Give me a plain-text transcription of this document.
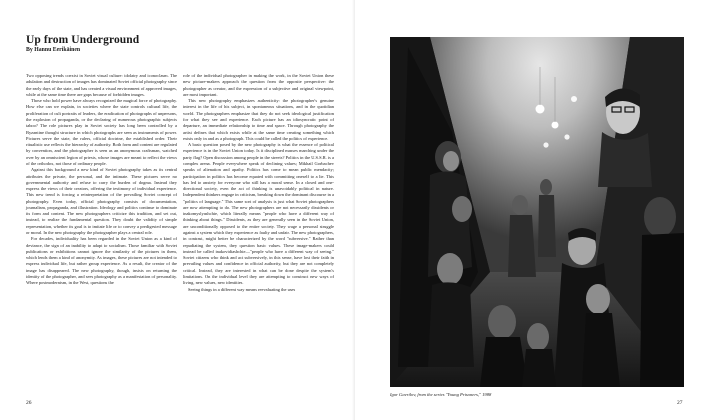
Up from Underground
By Hannu Eerikäinen

Two opposing trends coexist in Soviet visual culture: idolatry and iconoclasm. The adulation and destruction of images has dominated Soviet official photography since the early days of the state, and has created a visual environment of approved images, while at the same time there are gaps because of forbidden images.

Those who hold power have always recognized the magical force of photography. How else can we explain, in societies where the state controls cultural life, the proliferation of cult portraits of leaders, the eradication of photographs of unpersons, the explosion of propaganda, or the declaring of numerous photographic subjects taboo? The role pictures play in Soviet society has long been controlled by a Byzantine thought structure in which photographs are seen as instruments of power. Pictures serve the state, the rulers, official doctrine, the established order. Their ritualistic use reflects the hierarchy of authority. Both form and content are regulated by convention, and the photographer is seen as an anonymous craftsman, watched over by an omniscient legion of priests, whose images are meant to reflect the views of the orthodox, not those of ordinary people.

Against this background a new kind of Soviet photography takes as its central attributes the private, the personal, and the intimate. These pictures serve no governmental authority and refuse to carry the burden of dogma. Instead they express the views of their creators, offering the testimony of individual experience. This new trend is forcing a reinterpretation of the prevailing Soviet concept of photography. Even today, official photography consists of documentation, journalism, propaganda, and illustration. Ideology and politics continue to dominate its form and content. The new photographers criticize this tradition, and set out, instead, to realize the fundamental question. They doubt the validity of simple representation, whether its goal is to imitate life or to convey a predigested message or moral. In the new photography the photographer plays a central role.

For decades, individuality has been regarded in the Soviet Union as a kind of deviance, the sign of an inability to adapt to socialism. Those familiar with Soviet publications or exhibitions cannot ignore the similarity of the pictures in them, which lends them a kind of anonymity. As images, these pictures are not intended to express individual life, but rather group experience. As a result, the creator of the image has disappeared. The new photography, though, insists on returning the identity of the photographer, and sees photography as a manifestation of personality. Where postmodernism, in the West, questions the

role of the individual photographer in making the work, in the Soviet Union these new picture-makers approach the question from the opposite perspective: the photographer as creator, and the expression of a subjective and original viewpoint, are most important.

This new photography emphasizes authenticity: the photographer's genuine interest in the life of his subject, in spontaneous situations, and in the quotidian world. The photographers emphasize that they do not seek ideological justification for what they see and experience. Each picture has an idiosyncratic point of departure, an immediate relationship to time and space. Through photography the artist defines that which exists while at the same time creating something which exists only in and as a photograph. This could be called the politics of experience.

A basic question posed by the new photography is what the essence of political experience is in the Soviet Union today. Is it disciplined masses marching under the party flag? Open discussion among people in the streets? Politics in the U.S.S.R. is a complex arena. People everywhere speak of declining values; Mikhail Gorbachev speaks of alienation and apathy. Politics has come to mean public mendacity; participation in politics has become equated with committing oneself to a lie. This has led to anxiety for everyone who still has a moral sense. In a closed and one-directional society, even the act of thinking is unavoidably political in nature. Independent thinkers engage in criticism, breaking down the dominant discourse in a "politics of language." This same sort of analysis is just what Soviet photographers are now attempting to do. The new photographers are not necessarily dissidents or inakomyslyashchie, which literally means "people who have a different way of thinking about things." Dissidents, as they are generally seen in the Soviet Union, are unconditionally opposed to the entire society. They wage a personal struggle against a system which they experience as faulty and unfair. The new photographers, in contrast, might better be characterized by the word "subversive." Rather than repudiating the system, they question basic values. These image-makers could instead be called inakovidiashchie—"people who have a different way of seeing." Soviet citizens who think and act subversively, in this sense, have lost their faith in prevailing values and confidence in official authority, but they are not completely critical. Instead, they are interested in what can be done despite the system's limitations. On the individual level they are attempting to construct new ways of living, new values, new identities.

Seeing things in a different way means reevaluating the uses

26

Igor Gavrilov, from the series "Young Prisoners," 1988

27
